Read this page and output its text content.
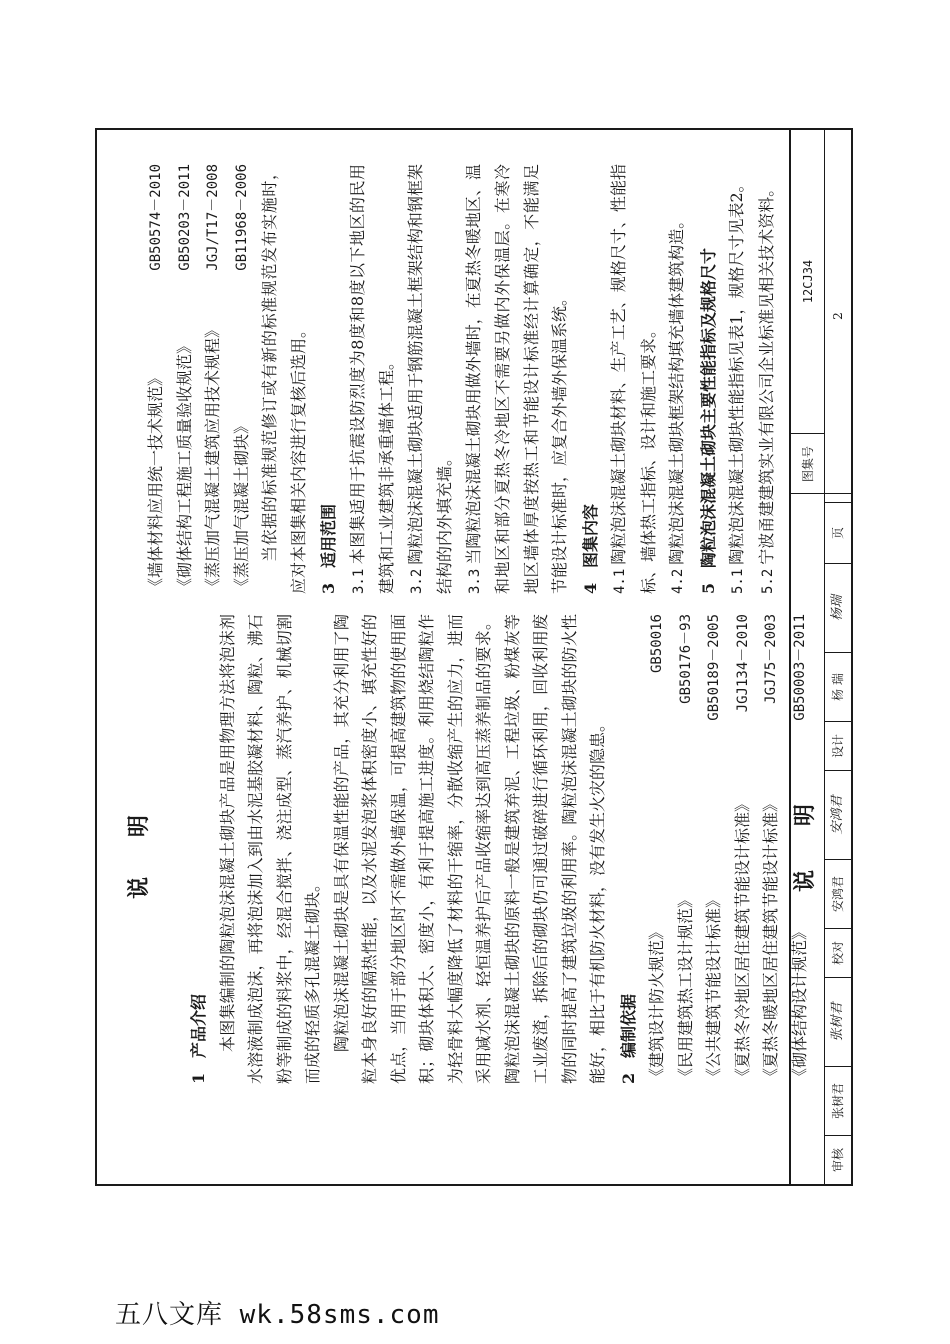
说 明
1产品介绍 本图集编制的陶粒泡沫混凝土砌块产品是用物理方法将泡沫剂水溶液制成泡沫，再将泡沫加入到由水泥基胶凝材料、陶粒、沸石粉等制成的料浆中，经混合搅拌、浇注成型、蒸汽养护、机械切割而成的轻质多孔混凝土砌块。 陶粒泡沫混凝土砌块是具有保温性能的产品，其充分利用了陶粒本身良好的隔热性能，以及水泥发泡浆体积密度小、填充性好的优点，当用于部分地区时不需做外墙保温，可提高建筑物的使用面积；砌块体积大、密度小，有利于提高施工进度。利用烧结陶粒作为轻骨料大幅度降低了材料的干缩率，分散收缩产生的应力，进而采用减水剂、轻恒温养护后产品收缩率达到高压蒸养制品的要求。陶粒泡沫混凝土砌块的原料一般是建筑弃泥、工程垃圾、粉煤灰等工业废渣，拆除后的砌块仍可通过破碎进行循环利用，回收利用废物的同时提高了建筑垃圾的利用率。陶粒泡沫混凝土砌块的防火性能好，相比于有机防火材料，没有发生火灾的隐患。 2编制依据 《建筑设计防火规范》
GB50016
《民用建筑热工设计规范》
GB50176－93
《公共建筑节能设计标准》
GB50189－2005
《夏热冬冷地区居住建筑节能设计标准》
JGJ134－2010
《夏热冬暖地区居住建筑节能设计标准》
JGJ75－2003
《砌体结构设计规范》
GB50003－2011
《墙体材料应用统一技术规范》
GB50574－2010
《砌体结构工程施工质量验收规范》
GB50203－2011
《蒸压加气混凝土建筑应用技术规程》
JGJ/T17－2008
《蒸压加气混凝土砌块》
GB11968－2006 当依据的标准规范修订或有新的标准规范发布实施时，应对本图集相关内容进行复核后选用。 3适用范围
3.1本图集适用于抗震设防烈度为8度和8度以下地区的民用建筑和工业建筑非承重墙体工程。 3.2陶粒泡沫混凝土砌块适用于钢筋混凝土框架结构和钢框架结构的内外填充墙。 3.3当陶粒泡沫混凝土砌块用做外墙时，在夏热冬暖地区、温和地区和部分夏热冬冷地区不需要另做内外保温层。在寒冷地区墙体厚度按热工和节能设计标准经计算确定，不能满足节能设计标准时，应复合外墙外保温系统。 4图集内容
4.1陶粒泡沫混凝土砌块材料、生产工艺、规格尺寸、性能指标、墙体热工指标、设计和施工要求。 4.2陶粒泡沫混凝土砌块框架结构填充墙体建筑构造。
5陶粒泡沫混凝土砌块主要性能指标及规格尺寸
5.1陶粒泡沫混凝土砌块性能指标见表1，规格尺寸见表2。
5.2宁波甬建建筑实业有限公司企业标准见相关技术资料。
说 明
图集号
12CJ34
审核
张树君
张树君
校对
安鸿君
安鸿君
设计
杨 瑞
杨瑞
页
2
五八文库 wk.58sms.com
